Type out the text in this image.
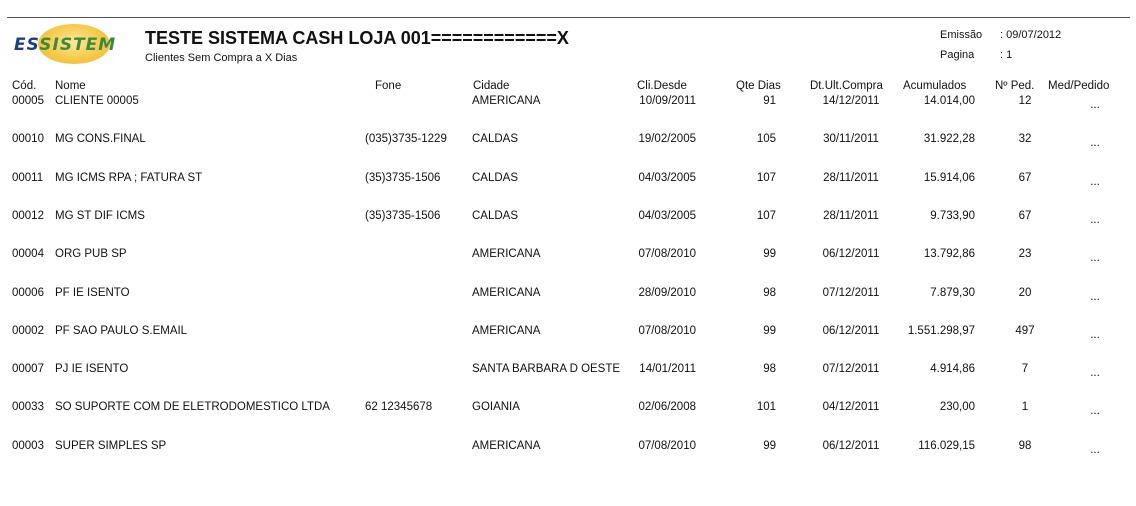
ESSISTEM	TESTE SISTEMA CASH LOJA 001============X
Clientes Sem Compra a X Dias
Emissão : 09/07/2012
Pagina : 1
Cód. Nome	Fone	Cidade	Cli.Desde	Qte Dias	Dt.Ult.Compra Acumulados Nº Ped. Med/Pedido
00005 CLIENTE 00005	AMERICANA	10/09/2011	91	14/12/2011	14.014,00	12	...
00010 MG CONS.FINAL	(035)3735-1229 CALDAS	19/02/2005	105	30/11/2011	31.922,28	32	...
00011 MG ICMS RPA ; FATURA ST	(35)3735-1506	CALDAS	04/03/2005	107	28/11/2011	15.914,06	67	...
00012 MG ST DIF ICMS	(35)3735-1506	CALDAS	04/03/2005	107	28/11/2011	9.733,90	67	...
00004 ORG PUB SP	AMERICANA	07/08/2010	99	06/12/2011	13.792,86	23	...
00006 PF IE ISENTO	AMERICANA	28/09/2010	98	07/12/2011	7.879,30	20	...
00002 PF SAO PAULO S.EMAIL	AMERICANA	07/08/2010	99	06/12/2011	1.551.298,97	497	...
00007 PJ IE ISENTO	SANTA BARBARA D OESTE	14/01/2011	98	07/12/2011	4.914,86	7	...
00033 SO SUPORTE COM DE ELETRODOMESTICO LTDA	62 12345678	GOIANIA	02/06/2008	101	04/12/2011	230,00	1	...
00003 SUPER SIMPLES SP	AMERICANA	07/08/2010	99	06/12/2011	116.029,15	98	...
